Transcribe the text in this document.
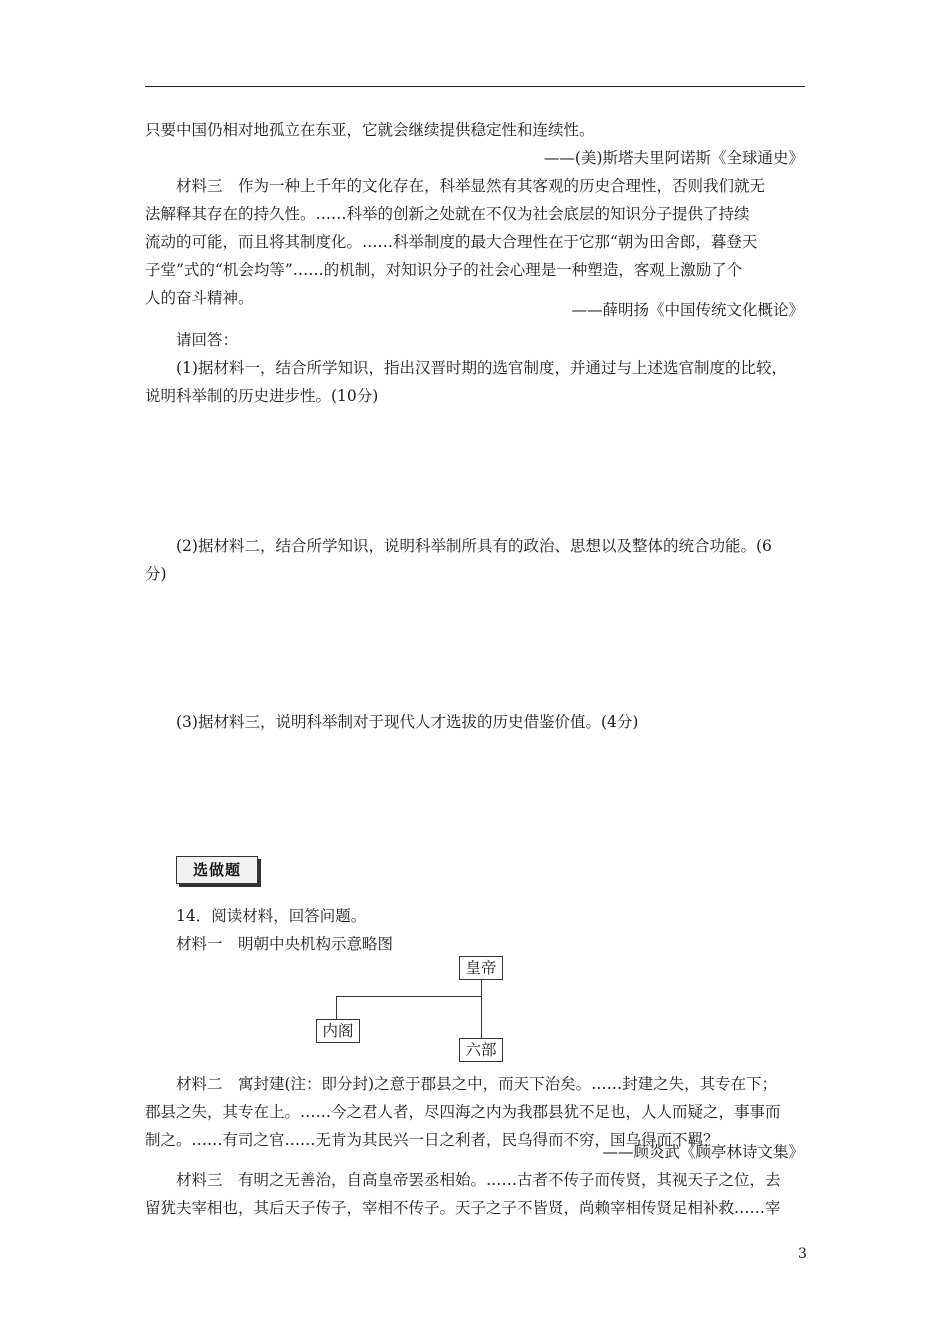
只要中国仍相对地孤立在东亚，它就会继续提供稳定性和连续性。
——(美)斯塔夫里阿诺斯《全球通史》
材料三　作为一种上千年的文化存在，科举显然有其客观的历史合理性，否则我们就无
法解释其存在的持久性。……科举的创新之处就在不仅为社会底层的知识分子提供了持续
流动的可能，而且将其制度化。……科举制度的最大合理性在于它那“朝为田舍郎，暮登天
子堂”式的“机会均等”……的机制，对知识分子的社会心理是一种塑造，客观上激励了个
人的奋斗精神。
——薛明扬《中国传统文化概论》
请回答：
(1)据材料一，结合所学知识，指出汉晋时期的选官制度，并通过与上述选官制度的比较，
说明科举制的历史进步性。(10分)
(2)据材料二，结合所学知识，说明科举制所具有的政治、思想以及整体的统合功能。(6
分)
(3)据材料三，说明科举制对于现代人才选拔的历史借鉴价值。(4分)
选做题
14．阅读材料，回答问题。
材料一　明朝中央机构示意略图
皇帝
内阁
六部
材料二　寓封建(注：即分封)之意于郡县之中，而天下治矣。……封建之失，其专在下；
郡县之失，其专在上。……今之君人者，尽四海之内为我郡县犹不足也，人人而疑之，事事而
制之。……有司之官……无肯为其民兴一日之利者，民乌得而不穷，国乌得而不羁？
——顾炎武《顾亭林诗文集》
材料三　有明之无善治，自高皇帝罢丞相始。……古者不传子而传贤，其视天子之位，去
留犹夫宰相也，其后天子传子，宰相不传子。天子之子不皆贤，尚赖宰相传贤足相补救……宰
3
